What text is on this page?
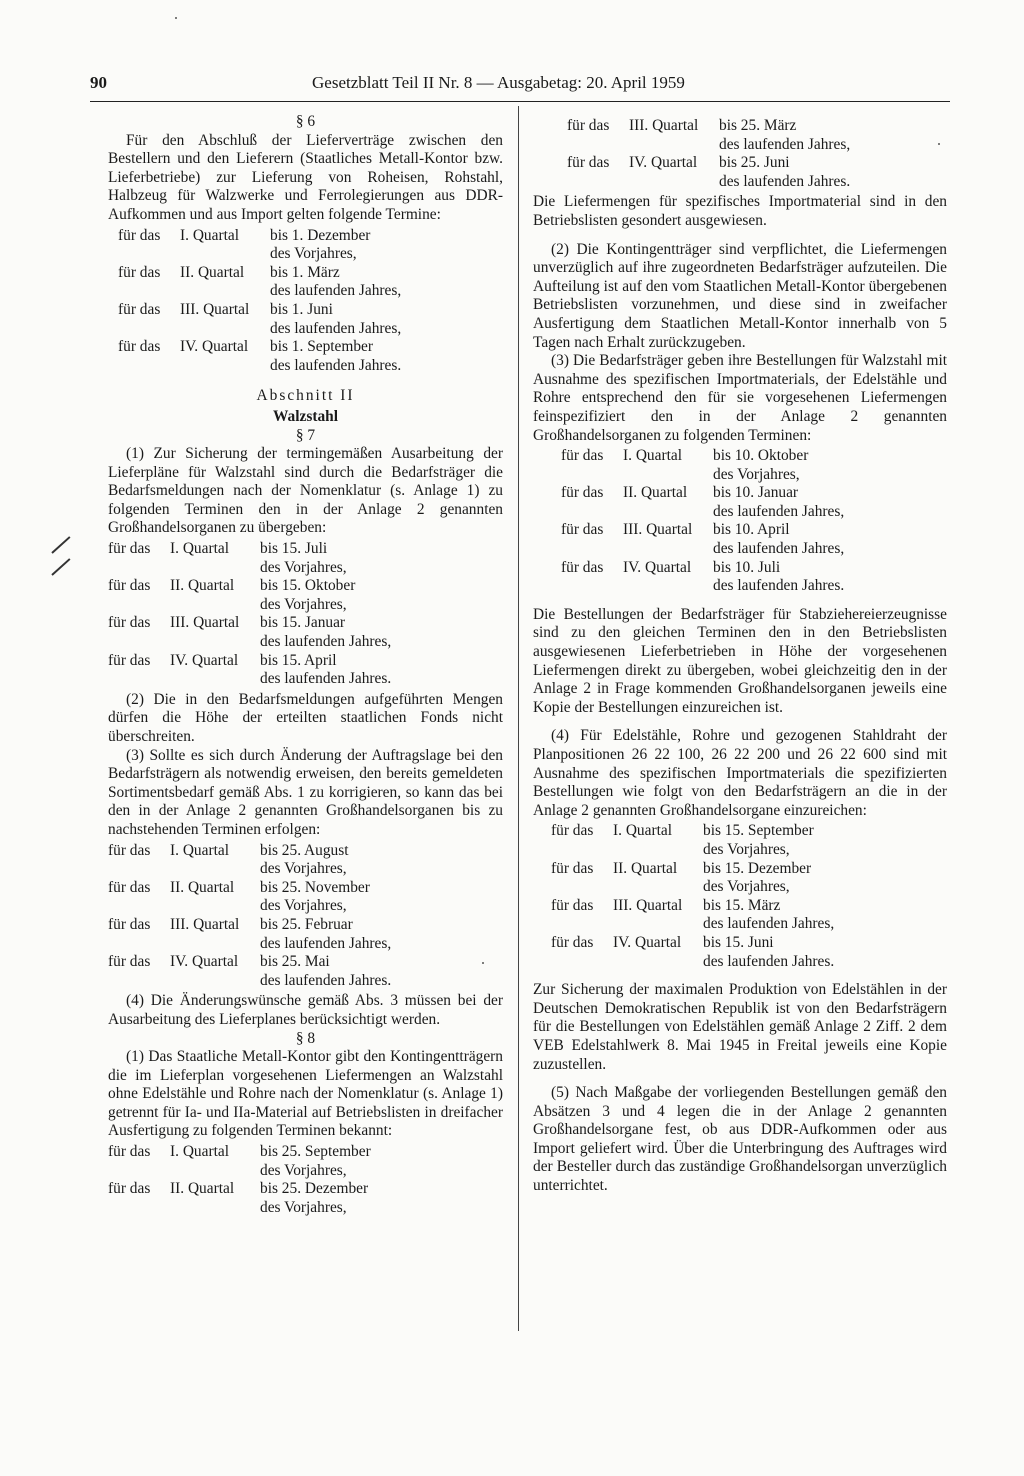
90	Gesetzblatt Teil II Nr. 8 — Ausgabetag: 20. April 1959

§ 6

Für den Abschluß der Lieferverträge zwischen den Bestellern und den Lieferern (Staatliches Metall-Kontor bzw. Lieferbetriebe) zur Lieferung von Roheisen, Rohstahl, Halbzeug für Walzwerke und Ferrolegierungen aus DDR-Aufkommen und aus Import gelten folgende Termine:

für das	I. Quartal	bis 1. Dezember
des Vorjahres,
für das	II. Quartal	bis 1. März
des laufenden Jahres,
für das	III. Quartal	bis 1. Juni
des laufenden Jahres,
für das	IV. Quartal	bis 1. September
des laufenden Jahres.

Abschnitt II

Walzstahl

§ 7

(1) Zur Sicherung der termingemäßen Ausarbeitung der Lieferpläne für Walzstahl sind durch die Bedarfsträger die Bedarfsmeldungen nach der Nomenklatur (s. Anlage 1) zu folgenden Terminen den in der Anlage 2 genannten Großhandelsorganen zu übergeben:

für das	I. Quartal	bis 15. Juli
des Vorjahres,
für das	II. Quartal	bis 15. Oktober
des Vorjahres,
für das	III. Quartal	bis 15. Januar
des laufenden Jahres,
für das	IV. Quartal	bis 15. April
des laufenden Jahres.

(2) Die in den Bedarfsmeldungen aufgeführten Mengen dürfen die Höhe der erteilten staatlichen Fonds nicht überschreiten.

(3) Sollte es sich durch Änderung der Auftragslage bei den Bedarfsträgern als notwendig erweisen, den bereits gemeldeten Sortimentsbedarf gemäß Abs. 1 zu korrigieren, so kann das bei den in der Anlage 2 genannten Großhandelsorganen bis zu nachstehenden Terminen erfolgen:

für das	I. Quartal	bis 25. August
des Vorjahres,
für das	II. Quartal	bis 25. November
des Vorjahres,
für das	III. Quartal	bis 25. Februar
des laufenden Jahres,
für das	IV. Quartal	bis 25. Mai
des laufenden Jahres.

(4) Die Änderungswünsche gemäß Abs. 3 müssen bei der Ausarbeitung des Lieferplanes berücksichtigt werden.

§ 8

(1) Das Staatliche Metall-Kontor gibt den Kontingentträgern die im Lieferplan vorgesehenen Liefermengen an Walzstahl ohne Edelstähle und Rohre nach der Nomenklatur (s. Anlage 1) getrennt für Ia- und IIa-Material auf Betriebslisten in dreifacher Ausfertigung zu folgenden Terminen bekannt:

für das	I. Quartal	bis 25. September
des Vorjahres,
für das	II. Quartal	bis 25. Dezember
des Vorjahres,
für das	III. Quartal	bis 25. März
des laufenden Jahres,
für das	IV. Quartal	bis 25. Juni
des laufenden Jahres.

Die Liefermengen für spezifisches Importmaterial sind in den Betriebslisten gesondert ausgewiesen.

(2) Die Kontingentträger sind verpflichtet, die Liefermengen unverzüglich auf ihre zugeordneten Bedarfsträger aufzuteilen. Die Aufteilung ist auf den vom Staatlichen Metall-Kontor übergebenen Betriebslisten vorzunehmen, und diese sind in zweifacher Ausfertigung dem Staatlichen Metall-Kontor innerhalb von 5 Tagen nach Erhalt zurückzugeben.

(3) Die Bedarfsträger geben ihre Bestellungen für Walzstahl mit Ausnahme des spezifischen Importmaterials, der Edelstähle und Rohre entsprechend den für sie vorgesehenen Liefermengen feinspezifiziert den in der Anlage 2 genannten Großhandelsorganen zu folgenden Terminen:

für das	I. Quartal	bis 10. Oktober
des Vorjahres,
für das	II. Quartal	bis 10. Januar
des laufenden Jahres,
für das	III. Quartal	bis 10. April
des laufenden Jahres,
für das	IV. Quartal	bis 10. Juli
des laufenden Jahres.

Die Bestellungen der Bedarfsträger für Stabziehereierzeugnisse sind zu den gleichen Terminen den in den Betriebslisten ausgewiesenen Lieferbetrieben in Höhe der vorgesehenen Liefermengen direkt zu übergeben, wobei gleichzeitig den in der Anlage 2 in Frage kommenden Großhandelsorganen jeweils eine Kopie der Bestellungen einzureichen ist.

(4) Für Edelstähle, Rohre und gezogenen Stahldraht der Planpositionen 26 22 100, 26 22 200 und 26 22 600 sind mit Ausnahme des spezifischen Importmaterials die spezifizierten Bestellungen wie folgt von den Bedarfsträgern an die in der Anlage 2 genannten Großhandelsorgane einzureichen:

für das	I. Quartal	bis 15. September
des Vorjahres,
für das	II. Quartal	bis 15. Dezember
des Vorjahres,
für das	III. Quartal	bis 15. März
des laufenden Jahres,
für das	IV. Quartal	bis 15. Juni
des laufenden Jahres.

Zur Sicherung der maximalen Produktion von Edelstählen in der Deutschen Demokratischen Republik ist von den Bedarfsträgern für die Bestellungen von Edelstählen gemäß Anlage 2 Ziff. 2 dem VEB Edelstahlwerk 8. Mai 1945 in Freital jeweils eine Kopie zuzustellen.

(5) Nach Maßgabe der vorliegenden Bestellungen gemäß den Absätzen 3 und 4 legen die in der Anlage 2 genannten Großhandelsorgane fest, ob aus DDR-Aufkommen oder aus Import geliefert wird. Über die Unterbringung des Auftrages wird der Besteller durch das zuständige Großhandelsorgan unverzüglich unterrichtet.
